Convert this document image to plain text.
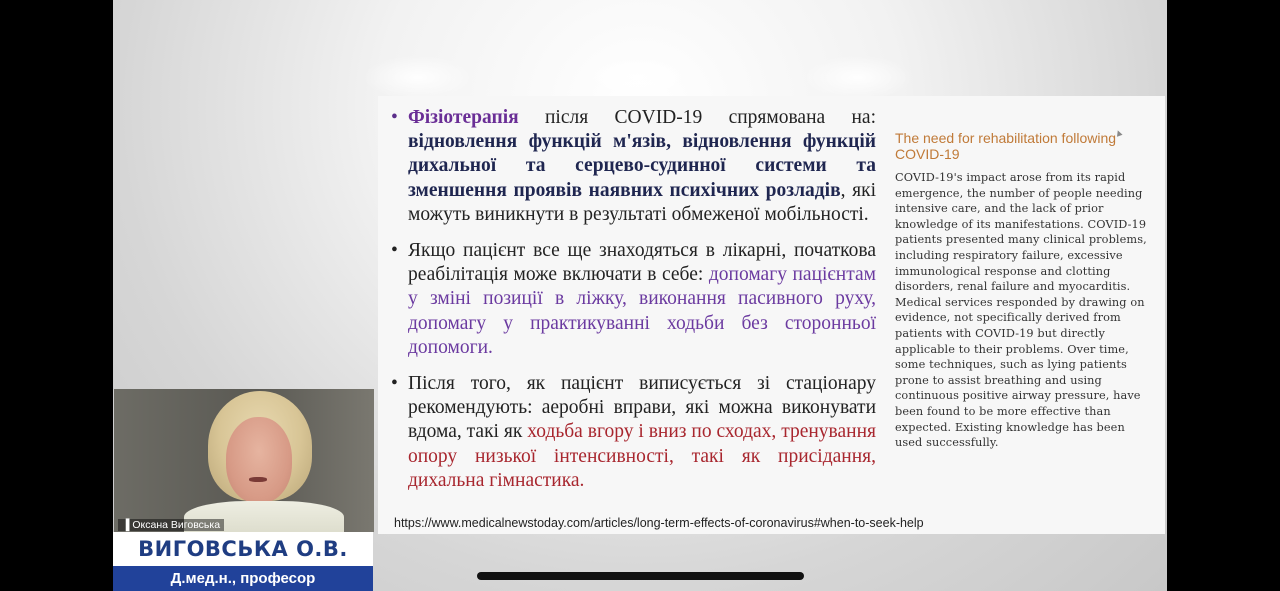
• Фізіотерапія після COVID-19 спрямована на: відновлення функцій м'язів, відновлення функцій дихальної та серцево-судинної системи та зменшення проявів наявних психічних розладів, які можуть виникнути в результаті обмеженої мобільності.
• Якщо пацієнт все ще знаходяться в лікарні, початкова реабілітація може включати в себе: допомагу пацієнтам у зміні позиції в ліжку, виконання пасивного руху, допомагу у практикуванні ходьби без сторонньої допомоги.
• Після того, як пацієнт виписується зі стаціонару рекомендують: аеробні вправи, які можна виконувати вдома, такі як ходьба вгору і вниз по сходах, тренування опору низької інтенсивності, такі як присідання, дихальна гімнастика.
The need for rehabilitation following COVID-19
COVID-19's impact arose from its rapid emergence, the number of people needing intensive care, and the lack of prior knowledge of its manifestations. COVID-19 patients presented many clinical problems, including respiratory failure, excessive immunological response and clotting disorders, renal failure and myocarditis. Medical services responded by drawing on evidence, not specifically derived from patients with COVID-19 but directly applicable to their problems. Over time, some techniques, such as lying patients prone to assist breathing and using continuous positive airway pressure, have been found to be more effective than expected. Existing knowledge has been used successfully.
▲
https://www.medicalnewstoday.com/articles/long-term-effects-of-coronavirus#when-to-seek-help
▐ Оксана Виговська
ВИГОВСЬКА О.В.
Д.мед.н., професор
